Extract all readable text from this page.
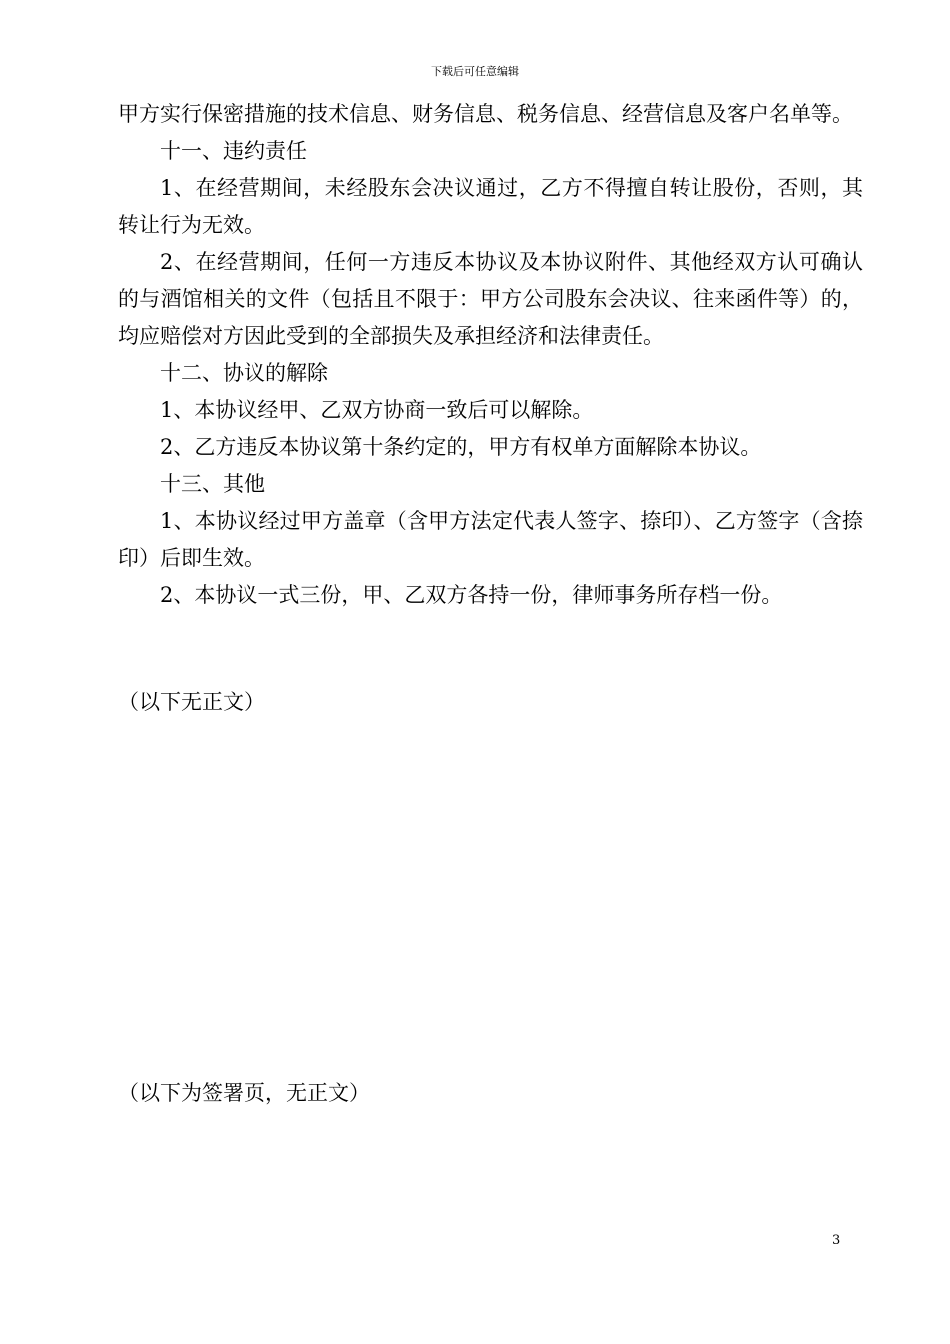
下载后可任意编辑

甲方实行保密措施的技术信息、财务信息、税务信息、经营信息及客户名单等。

十一、违约责任

1、在经营期间，未经股东会决议通过，乙方不得擅自转让股份，否则，其转让行为无效。

2、在经营期间，任何一方违反本协议及本协议附件、其他经双方认可确认的与酒馆相关的文件（包括且不限于：甲方公司股东会决议、往来函件等）的，均应赔偿对方因此受到的全部损失及承担经济和法律责任。

十二、协议的解除

1、本协议经甲、乙双方协商一致后可以解除。

2、乙方违反本协议第十条约定的，甲方有权单方面解除本协议。

十三、其他

1、本协议经过甲方盖章（含甲方法定代表人签字、捺印）、乙方签字（含捺印）后即生效。

2、本协议一式三份，甲、乙双方各持一份，律师事务所存档一份。

（以下无正文）

（以下为签署页，无正文）

3
